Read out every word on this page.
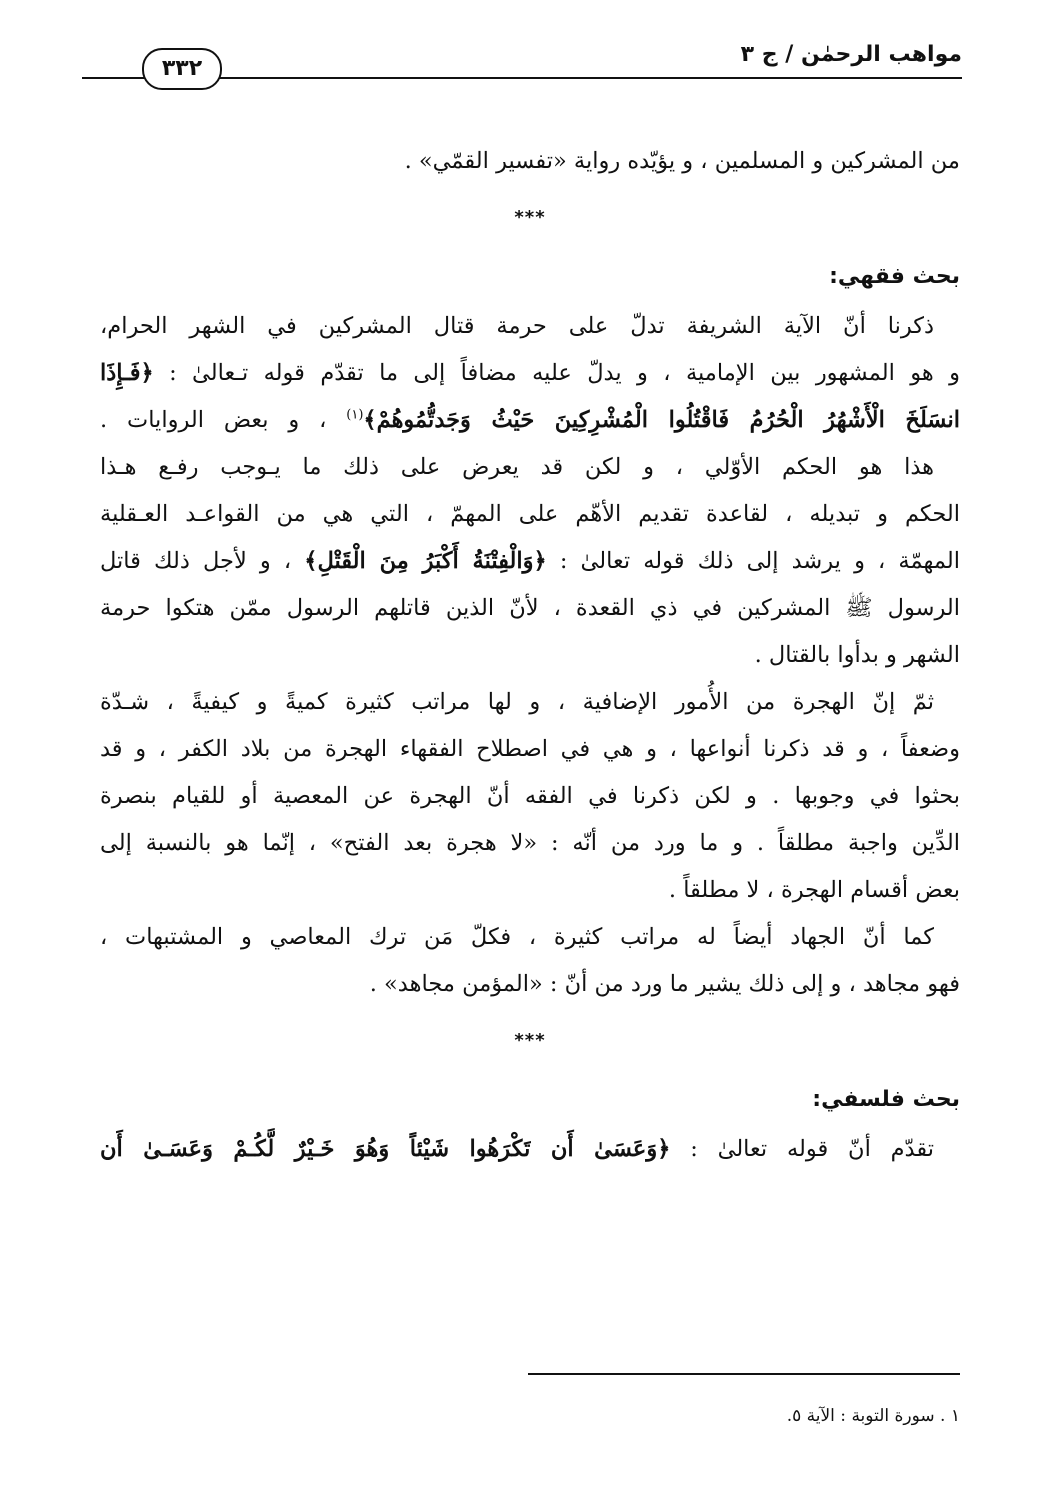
مواهب الرحمٰن / ج ٣
٣٣٢
من المشركين و المسلمين ، و يؤيّده رواية «تفسير القمّي» .
***
بحث فقهي:
ذكرنا أنّ الآية الشريفة تدلّ على حرمة قتال المشركين في الشهر الحرام،
و هو المشهور بين الإمامية ، و يدلّ عليه مضافاً إلى ما تقدّم قوله تـعالىٰ : ﴿فَـإِذَا
انسَلَخَ الْأَشْهُرُ الْحُرُمُ فَاقْتُلُوا الْمُشْرِكِينَ حَيْثُ وَجَدتُّمُوهُمْ﴾$^{(١)}$ ، و بعض الروايات .
هذا هو الحكم الأوّلي ، و لكن قد يعرض على ذلك ما يـوجب رفـع هـذا
الحكم و تبديله ، لقاعدة تقديم الأهّم على المهمّ ، التي هي من القواعـد العـقلية
المهمّة ، و يرشد إلى ذلك قوله تعالىٰ : ﴿وَالْفِتْنَةُ أَكْبَرُ مِنَ الْقَتْلِ﴾ ، و لأجل ذلك قاتل
الرسول ﷺ المشركين في ذي القعدة ، لأنّ الذين قاتلهم الرسول ممّن هتكوا حرمة
الشهر و بدأوا بالقتال .
ثمّ إنّ الهجرة من الأُمور الإضافية ، و لها مراتب كثيرة كميةً و كيفيةً ، شـدّة
وضعفاً ، و قد ذكرنا أنواعها ، و هي في اصطلاح الفقهاء الهجرة من بلاد الكفر ، و قد
بحثوا في وجوبها . و لكن ذكرنا في الفقه أنّ الهجرة عن المعصية أو للقيام بنصرة
الدِّين واجبة مطلقاً . و ما ورد من أنّه : «لا هجرة بعد الفتح» ، إنّما هو بالنسبة إلى
بعض أقسام الهجرة ، لا مطلقاً .
كما أنّ الجهاد أيضاً له مراتب كثيرة ، فكلّ مَن ترك المعاصي و المشتبهات ،
فهو مجاهد ، و إلى ذلك يشير ما ورد من أنّ : «المؤمن مجاهد» .
***
بحث فلسفي:
تقدّم أنّ قوله تعالىٰ : ﴿وَعَسَىٰ أَن تَكْرَهُوا شَيْئاً وَهُوَ خَـيْرٌ لَّكُـمْ وَعَسَـىٰ أَن
١ . سورة التوبة : الآية ٥.
